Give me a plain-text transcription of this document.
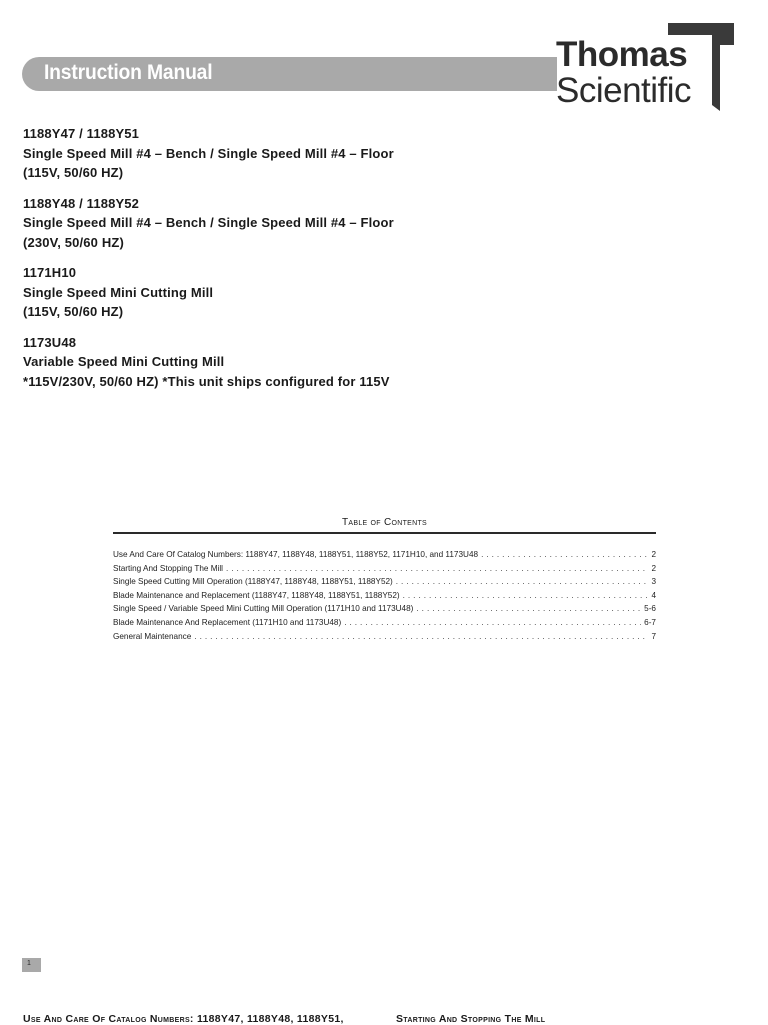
Instruction Manual	Thomas
Scientific
1188Y47 / 1188Y51
Single Speed Mill #4 – Bench / Single Speed Mill #4 – Floor
(115V, 50/60 HZ)
1188Y48 / 1188Y52
Single Speed Mill #4 – Bench / Single Speed Mill #4 – Floor
(230V, 50/60 HZ)
1171H10
Single Speed Mini Cutting Mill
(115V, 50/60 HZ)
1173U48
Variable Speed Mini Cutting Mill
*115V/230V, 50/60 HZ) *This unit ships configured for 115V
Table of Contents
Use And Care Of Catalog Numbers: 1188Y47, 1188Y48, 1188Y51, 1188Y52, 1171H10, and 1173U48 .....	2
Starting And Stopping The Mill .....	2
Single Speed Cutting Mill Operation (1188Y47, 1188Y48, 1188Y51, 1188Y52) .....	3
Blade Maintenance and Replacement (1188Y47, 1188Y48, 1188Y51, 1188Y52) .....	4
Single Speed / Variable Speed Mini Cutting Mill Operation (1171H10 and 1173U48) .....	5-6
Blade Maintenance And Replacement (1171H10 and 1173U48) .....	6-7
General Maintenance .....	7
1
Use And Care Of Catalog Numbers: 1188Y47, 1188Y48, 1188Y51,	Starting And Stopping The Mill
